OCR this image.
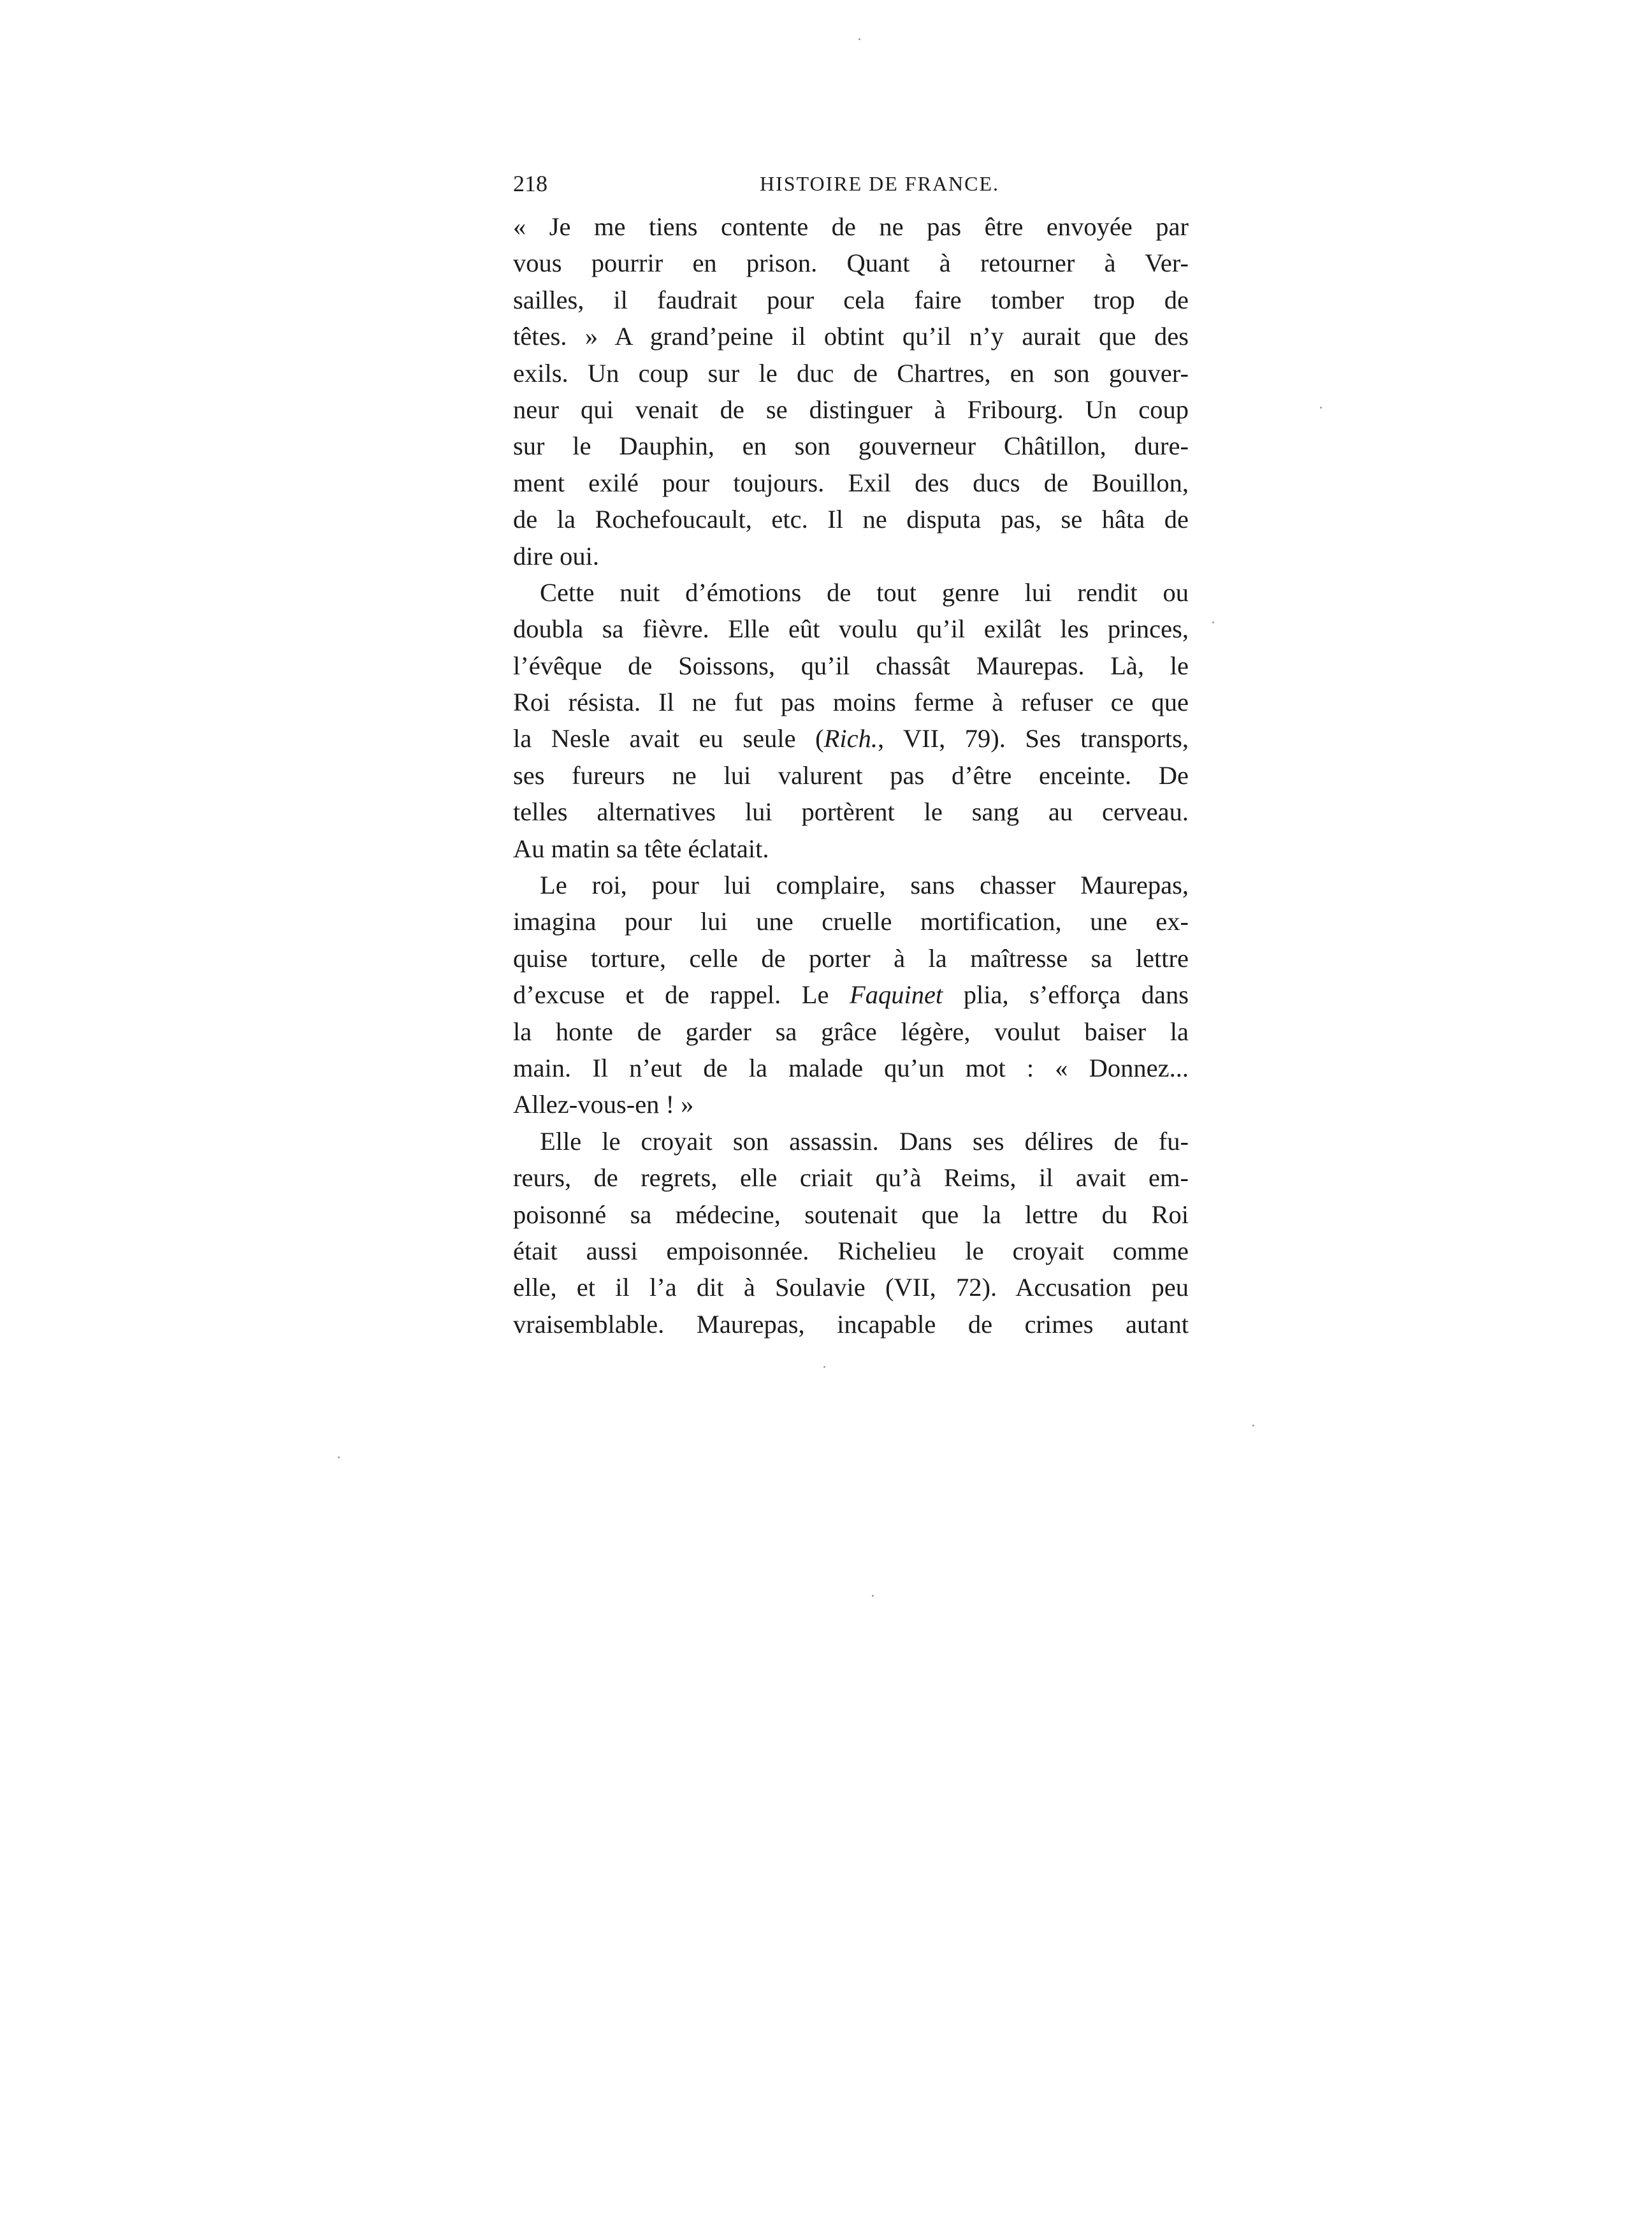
218	HISTOIRE DE FRANCE.
« Je me tiens contente de ne pas être envoyée par
vous pourrir en prison. Quant à retourner à Ver-
sailles, il faudrait pour cela faire tomber trop de
têtes. » A grand’peine il obtint qu’il n’y aurait que des
exils. Un coup sur le duc de Chartres, en son gouver-
neur qui venait de se distinguer à Fribourg. Un coup
sur le Dauphin, en son gouverneur Châtillon, dure-
ment exilé pour toujours. Exil des ducs de Bouillon,
de la Rochefoucault, etc. Il ne disputa pas, se hâta de
dire oui.
Cette nuit d’émotions de tout genre lui rendit ou
doubla sa fièvre. Elle eût voulu qu’il exilât les princes,
l’évêque de Soissons, qu’il chassât Maurepas. Là, le
Roi résista. Il ne fut pas moins ferme à refuser ce que
la Nesle avait eu seule (Rich., VII, 79). Ses transports,
ses fureurs ne lui valurent pas d’être enceinte. De
telles alternatives lui portèrent le sang au cerveau.
Au matin sa tête éclatait.
Le roi, pour lui complaire, sans chasser Maurepas,
imagina pour lui une cruelle mortification, une ex-
quise torture, celle de porter à la maîtresse sa lettre
d’excuse et de rappel. Le Faquinet plia, s’efforça dans
la honte de garder sa grâce légère, voulut baiser la
main. Il n’eut de la malade qu’un mot : « Donnez...
Allez-vous-en ! »
Elle le croyait son assassin. Dans ses délires de fu-
reurs, de regrets, elle criait qu’à Reims, il avait em-
poisonné sa médecine, soutenait que la lettre du Roi
était aussi empoisonnée. Richelieu le croyait comme
elle, et il l’a dit à Soulavie (VII, 72). Accusation peu
vraisemblable. Maurepas, incapable de crimes autant
